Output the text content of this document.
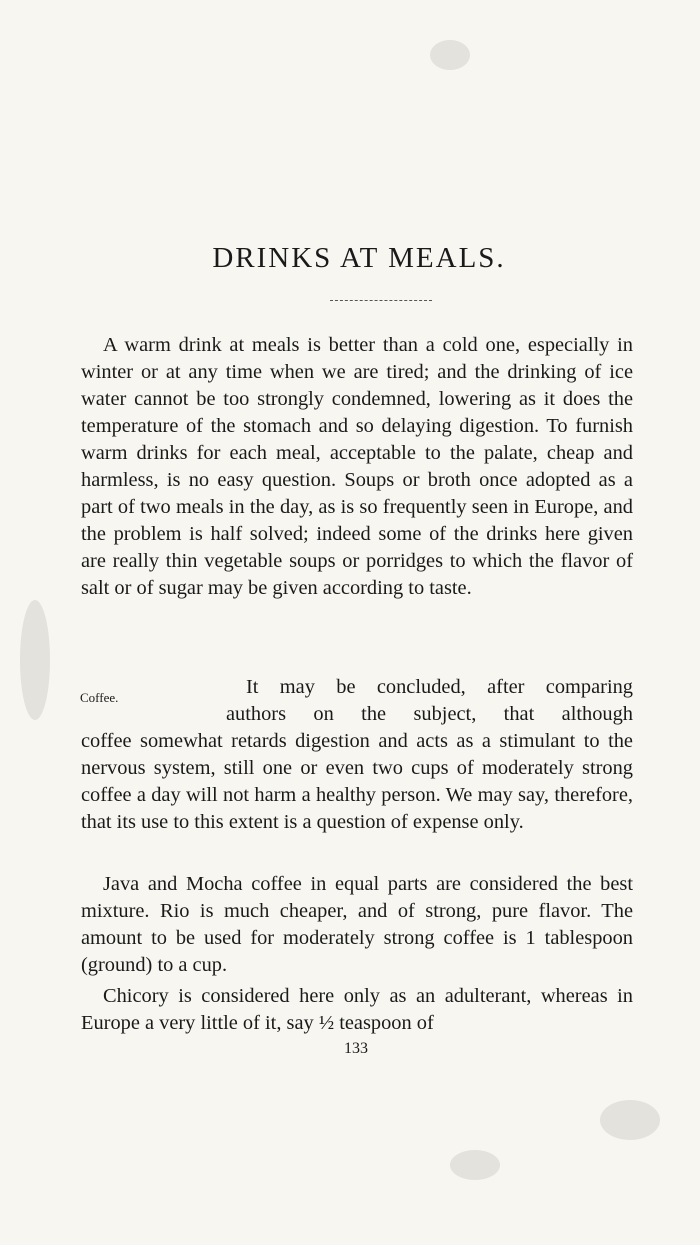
DRINKS AT MEALS.

A warm drink at meals is better than a cold one, especially in winter or at any time when we are tired; and the drinking of ice water cannot be too strongly condemned, lowering as it does the temperature of the stomach and so delaying digestion. To furnish warm drinks for each meal, acceptable to the palate, cheap and harmless, is no easy question. Soups or broth once adopted as a part of two meals in the day, as is so frequently seen in Europe, and the problem is half solved; indeed some of the drinks here given are really thin vegetable soups or porridges to which the flavor of salt or of sugar may be given according to taste.

Coffee.	It may be concluded, after comparing
authors on the subject, that although

coffee somewhat retards digestion and acts as a stimulant to the nervous system, still one or even two cups of moderately strong coffee a day will not harm a healthy person. We may say, therefore, that its use to this extent is a question of expense only.

Java and Mocha coffee in equal parts are considered the best mixture. Rio is much cheaper, and of strong, pure flavor. The amount to be used for moderately strong coffee is 1 tablespoon (ground) to a cup.

Chicory is considered here only as an adulterant, whereas in Europe a very little of it, say ½ teaspoon of

133
